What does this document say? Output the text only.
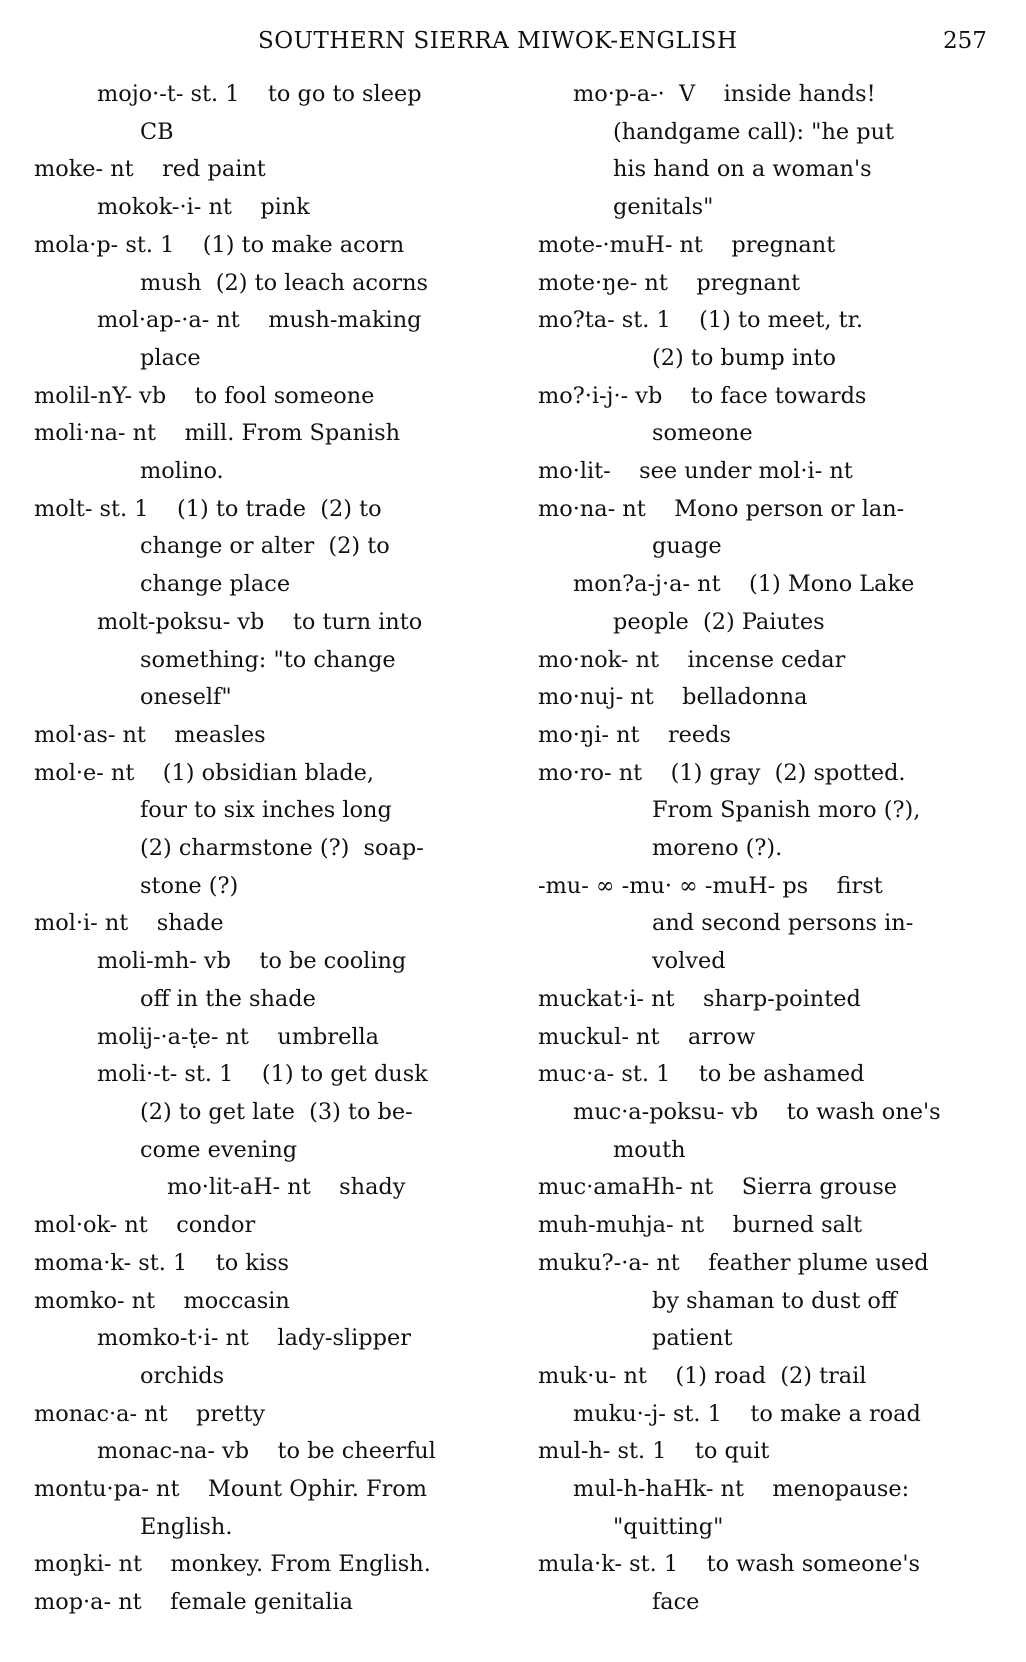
SOUTHERN SIERRA MIWOK-ENGLISH	257
mojo·-t- st. 1    to go to sleep
CB
moke- nt    red paint
mokok-·i- nt    pink
mola·p- st. 1    (1) to make acorn
mush  (2) to leach acorns
mol·ap-·a- nt    mush-making
place
molil-nY- vb    to fool someone
moli·na- nt    mill. From Spanish
molino.
molt- st. 1    (1) to trade  (2) to
change or alter  (2) to
change place
molt-poksu- vb    to turn into
something: "to change
oneself"
mol·as- nt    measles
mol·e- nt    (1) obsidian blade,
four to six inches long
(2) charmstone (?)  soap-
stone (?)
mol·i- nt    shade
moli-mh- vb    to be cooling
off in the shade
molij-·a-ṭe- nt    umbrella
moli·-t- st. 1    (1) to get dusk
(2) to get late  (3) to be-
come evening
mo·lit-aH- nt    shady
mol·ok- nt    condor
moma·k- st. 1    to kiss
momko- nt    moccasin
momko-t·i- nt    lady-slipper
orchids
monac·a- nt    pretty
monac-na- vb    to be cheerful
montu·pa- nt    Mount Ophir. From
English.
moŋki- nt    monkey. From English.
mop·a- nt    female genitalia
mo·p-a-·  V    inside hands!
(handgame call): "he put
his hand on a woman's
genitals"
mote-·muH- nt    pregnant
mote·ŋe- nt    pregnant
mo?ta- st. 1    (1) to meet, tr.
(2) to bump into
mo?·i-j·- vb    to face towards
someone
mo·lit-    see under mol·i- nt
mo·na- nt    Mono person or lan-
guage
mon?a-j·a- nt    (1) Mono Lake
people  (2) Paiutes
mo·nok- nt    incense cedar
mo·nuj- nt    belladonna
mo·ŋi- nt    reeds
mo·ro- nt    (1) gray  (2) spotted.
From Spanish moro (?),
moreno (?).
-mu- ∞ -mu· ∞ -muH- ps    first
and second persons in-
volved
muckat·i- nt    sharp-pointed
muckul- nt    arrow
muc·a- st. 1    to be ashamed
muc·a-poksu- vb    to wash one's
mouth
muc·amaHh- nt    Sierra grouse
muh-muhja- nt    burned salt
muku?-·a- nt    feather plume used
by shaman to dust off
patient
muk·u- nt    (1) road  (2) trail
muku·-j- st. 1    to make a road
mul-h- st. 1    to quit
mul-h-haHk- nt    menopause:
"quitting"
mula·k- st. 1    to wash someone's
face
